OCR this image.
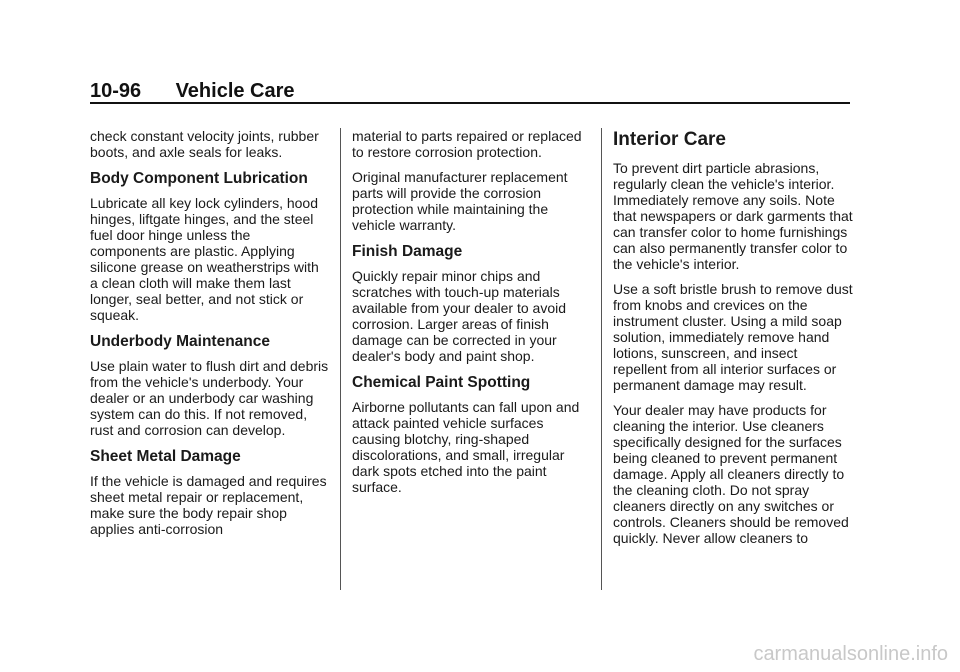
10-96 Vehicle Care

check constant velocity joints, rubber boots, and axle seals for leaks.

Body Component Lubrication

Lubricate all key lock cylinders, hood hinges, liftgate hinges, and the steel fuel door hinge unless the components are plastic. Applying silicone grease on weatherstrips with a clean cloth will make them last longer, seal better, and not stick or squeak.

Underbody Maintenance

Use plain water to flush dirt and debris from the vehicle's underbody. Your dealer or an underbody car washing system can do this. If not removed, rust and corrosion can develop.

Sheet Metal Damage

If the vehicle is damaged and requires sheet metal repair or replacement, make sure the body repair shop applies anti-corrosion

material to parts repaired or replaced to restore corrosion protection.

Original manufacturer replacement parts will provide the corrosion protection while maintaining the vehicle warranty.

Finish Damage

Quickly repair minor chips and scratches with touch-up materials available from your dealer to avoid corrosion. Larger areas of finish damage can be corrected in your dealer's body and paint shop.

Chemical Paint Spotting

Airborne pollutants can fall upon and attack painted vehicle surfaces causing blotchy, ring-shaped discolorations, and small, irregular dark spots etched into the paint surface.

Interior Care

To prevent dirt particle abrasions, regularly clean the vehicle's interior. Immediately remove any soils. Note that newspapers or dark garments that can transfer color to home furnishings can also permanently transfer color to the vehicle's interior.

Use a soft bristle brush to remove dust from knobs and crevices on the instrument cluster. Using a mild soap solution, immediately remove hand lotions, sunscreen, and insect repellent from all interior surfaces or permanent damage may result.

Your dealer may have products for cleaning the interior. Use cleaners specifically designed for the surfaces being cleaned to prevent permanent damage. Apply all cleaners directly to the cleaning cloth. Do not spray cleaners directly on any switches or controls. Cleaners should be removed quickly. Never allow cleaners to

carmanualsonline.info
